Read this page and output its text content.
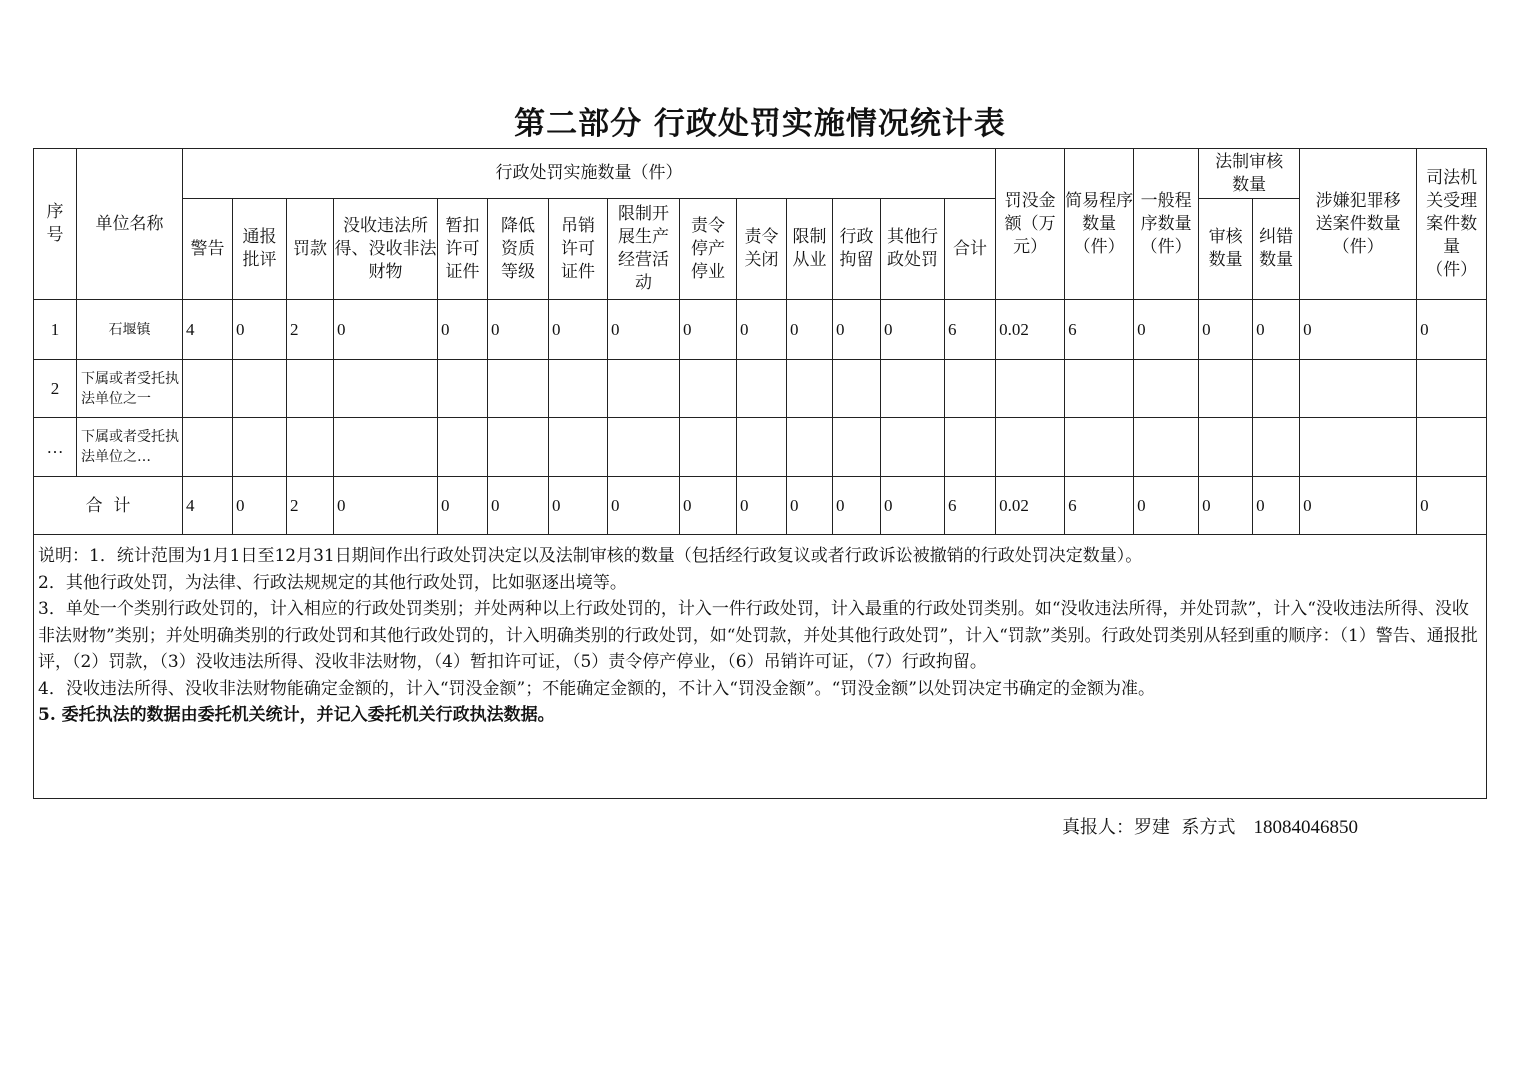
第二部分 行政处罚实施情况统计表
序号	单位名称	行政处罚实施数量（件）														罚没金额（万元）	简易程序数量（件）	一般程序数量（件）	法制审核数量		涉嫌犯罪移送案件数量（件）	司法机关受理案件数量（件）
		警告	通报批评	罚款	没收违法所得、没收非法财物	暂扣许可证件	降低资质等级	吊销许可证件	限制开展生产经营活动	责令停产停业	责令关闭	限制从业	行政拘留	其他行政处罚	合计				审核数量	纠错数量		
1	石堰镇	4	0	2	0	0	0	0	0	0	0	0	0	0	6	0.02	6	0	0	0	0	0
2	下属或者受托执法单位之一																					
…	下属或者受托执法单位之…																					
合  计		4	0	2	0	0	0	0	0	0	0	0	0	0	6	0.02	6	0	0	0	0	0

说明：1．统计范围为1月1日至12月31日期间作出行政处罚决定以及法制审核的数量（包括经行政复议或者行政诉讼被撤销的行政处罚决定数量）。

2．其他行政处罚，为法律、行政法规规定的其他行政处罚，比如驱逐出境等。

3．单处一个类别行政处罚的，计入相应的行政处罚类别；并处两种以上行政处罚的，计入一件行政处罚，计入最重的行政处罚类别。如“没收违法所得，并处罚款”，计入“没收违法所得、没收非法财物”类别；并处明确类别的行政处罚和其他行政处罚的，计入明确类别的行政处罚，如“处罚款，并处其他行政处罚”，计入“罚款”类别。行政处罚类别从轻到重的顺序：（1）警告、通报批评，（2）罚款，（3）没收违法所得、没收非法财物，（4）暂扣许可证，（5）责令停产停业，（6）吊销许可证，（7）行政拘留。

4．没收违法所得、没收非法财物能确定金额的，计入“罚没金额”；不能确定金额的，不计入“罚没金额”。“罚没金额”以处罚决定书确定的金额为准。

5. 委托执法的数据由委托机关统计，并记入委托机关行政执法数据。																						

真报人：罗建  系方式 18084046850
